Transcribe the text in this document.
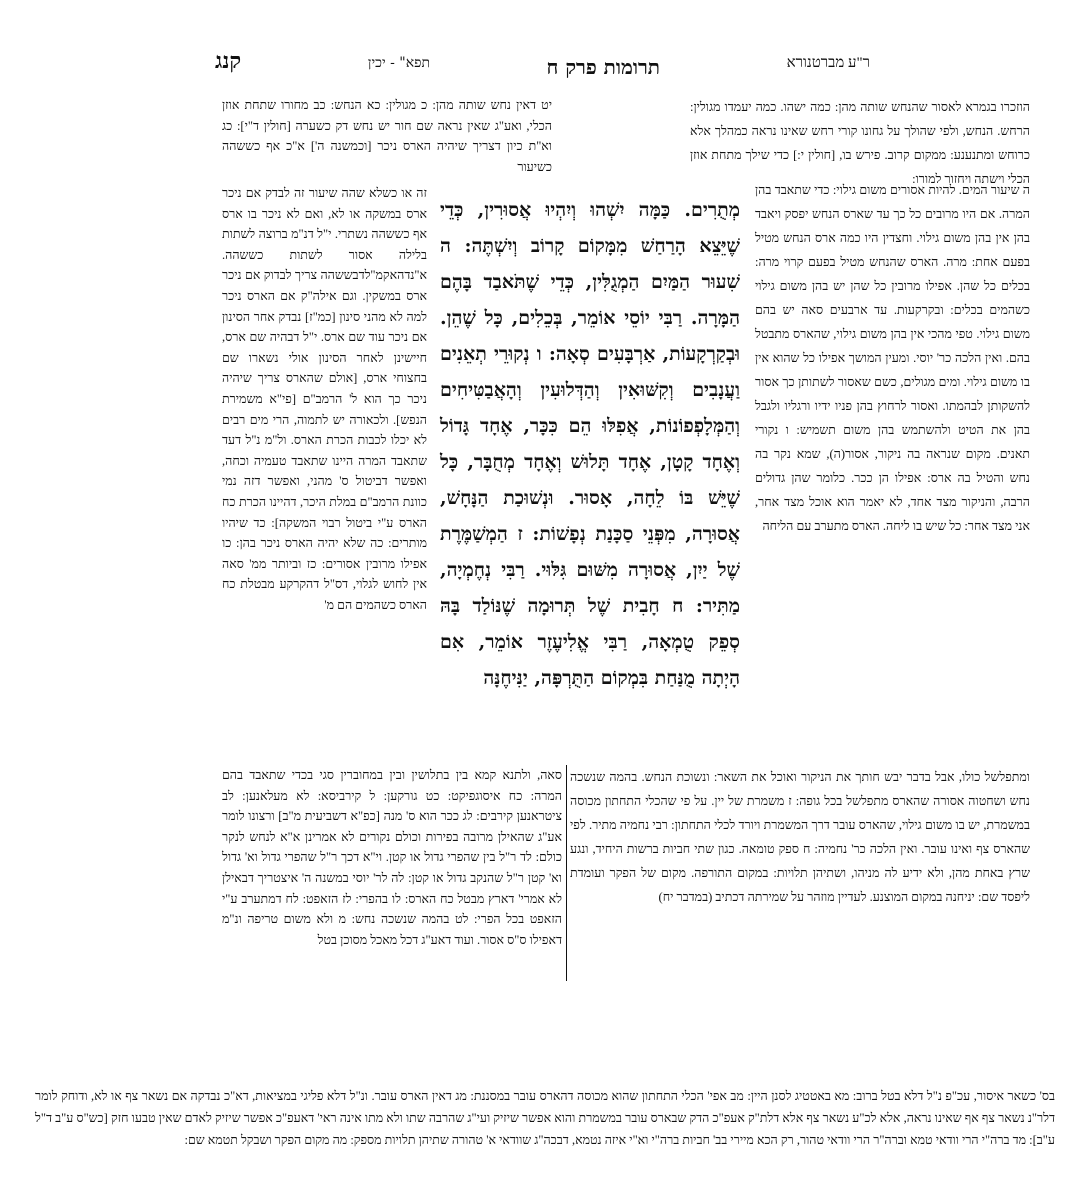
ר"ע מברטנורא
תרומות פרק ח
תפא" - יכין
קנג

הוזכרו בגמרא לאסור שהנחש שותה מהן: כמה ישהו. כמה יעמדו מגולין: הרחש. הנחש, ולפי שהולך על גחונו קורי רחש שאינו נראה כמהלך אלא כרוחש ומתנענע: ממקום קרוב. פירש בו, [חולין י:] כדי שילך מתחת אוזן הכלי וישתה ויחזור למורו:

ה שיעור המים. להיות אסורים משום גילוי: כדי שתאבד בהן המרה. אם היו מרובים כל כך עד שארס הנחש יפסק ויאבד בהן אין בהן משום גילוי. וחצדין היו כמה ארס הנחש מטיל בפעם אחת: מרה. הארס שהנחש מטיל בפעם קרוי מרה: בכלים כל שהן. אפילו מרובין כל שהן יש בהן משום גילוי כשהמים בכלים: ובקרקעות. עד ארבעים סאה יש בהם משום גילוי. טפי מהכי אין בהן משום גילוי, שהארס מתבטל בהם. ואין הלכה כר' יוסי. ומעין המושך אפילו כל שהוא אין בו משום גילוי. ומים מגולים, כשם שאסור לשתותן כך אסור להשקותן לבהמתו. ואסור לרחוץ בהן פניו ידיו ורגליו ולגבל בהן את הטיט ולהשתמש בהן משום תשמיש: ו נקורי תאנים. מקום שנראה בה ניקור, אסור(ה), שמא נקר בה נחש והטיל בה ארס: אפילו הן ככר. כלומר שהן גדולים הרבה, והניקור מצד אחד, לא יאמר הוא אוכל מצד אחר, אני מצד אחר: כל שיש בו ליחה. הארס מתערב עם הליחה

מְתֻרִים. כַּמָּה יִשְׁהוּ וְיִהְיוּ אֲסוּרִין, כְּדֵי שֶׁיֵּצֵא הָרַחַשׁ מִמָּקוֹם קָרוֹב וְיִשְׁתֶּה: ה שִׁעוּר הַמַּיִם הַמְגֻלִּין, כְּדֵי שֶׁתֹּאבַד בָּהֶם הַמָּרָה. רַבִּי יוֹסֵי אוֹמֵר, בְּכֵלִים, כָּל שֶׁהֵן. וּבְקַרְקָעוֹת, אַרְבָּעִים סְאָה: ו נְקוּרֵי תְאֵנִים וַעֲנָבִים וְקִשּׁוּאִין וְהַדְּלוּעִין וְהָאֲבַטִּיחִים וְהַמְּלָפְפוֹנוֹת, אֲפִלּוּ הֵם כִּכָּר, אֶחָד גָּדוֹל וְאֶחָד קָטָן, אֶחָד תָּלוּשׁ וְאֶחָד מְחֻבָּר, כָּל שֶׁיֵּשׁ בּוֹ לֵחָה, אָסוּר. וּנְשׁוּכַת הַנָּחָשׁ, אֲסוּרָה, מִפְּנֵי סַכָּנַת נְפָשׁוֹת: ז הַמְשַׁמֶּרֶת שֶׁל יַיִן, אֲסוּרָה מִשּׁוּם גִּלּוּי. רַבִּי נְחֶמְיָה, מַתִּיר: ח חָבִית שֶׁל תְּרוּמָה שֶׁנּוֹלַד בָּהּ סְפֵק טֻמְאָה, רַבִּי אֱלִיעֶזֶר אוֹמֵר, אִם הָיְתָה מֻנַּחַת בִּמְקוֹם הַתֻּרְפָּה, יַנִּיחֶנָּה

יט דאין נחש שותה מהן: כ מגולין: כא הנחש: כב מחורו שתחת אוזן הכלי, ואע"ג שאין נראה שם חור יש נחש דק כשערה [חולין ד"י]: כג וא"ת כיון דצריך שיהיה הארס ניכר [וכמשנה ה'] א"כ אף כששהה כשיעור

זה או כשלא שהה שיעור זה לבדק אם ניכר ארס במשקה או לא, ואם לא ניכר בו ארס אף כששהה נשתרי. י"ל דנ"מ ברוצה לשתות בלילה אסור לשתות כששהה. א"נדהאקמ"לדבששהה צריך לבדוק אם ניכר ארס במשקין. וגם אילה"ק אם הארס ניכר למה לא מהני סינון [כמ"ז] נבדק אחר הסינון אם ניכר עוד שם ארס. י"ל דבהיה שם ארס, חיישינן לאחר הסינון אולי נשארו שם בחצוחי ארס, [אולם שהארס צריך שיהיה ניכר כך הוא ל' הרמב"ם [פי"א משמירת הנפש]. ולכאורה יש לתמוה, הרי מים רבים לא יכלו לכבות הכרת הארס. ול"מ נ"ל דעד שתאבד המרה היינו שתאבד טעמיה וכחה, ואפשר דביטול ס' מהני, ואפשר דזה נמי כוונת הרמב"ם במלת היכר, דהיינו הכרת כח הארס ע"י ביטול רבוי המשקה]: כד שיהיו מותרים: כה שלא יהיה הארס ניכר בהן: כו אפילו מרובין אסורים: כז וביותר ממ' סאה אין לחוש לגלוי, דס"ל דהקרקע מבטלת כח הארס כשהמים הם מ'

ומתפלשל כולו, אבל בדבר יבש חותך את הניקור ואוכל את השאר: ונשוכת הנחש. בהמה שנשכה נחש ושחטוה אסורה שהארס מתפלשל בכל גופה: ז משמרת של יין. על פי שהכלי התחתון מכוסה במשמרת, יש בו משום גילוי, שהארס עובר דרך המשמרת ויורד לכלי התחתון: רבי נחמיה מתיר. לפי שהארס צף ואינו עובר. ואין הלכה כר' נחמיה: ח ספק טומאה. כגון שתי חביות ברשות היחיד, ונגע שרץ באחת מהן, ולא ידיע לה מניהו, ושתיהן תלויות: במקום התורפה. מקום של הפקר ועומדת ליפסד שם: יניחנה במקום המוצנע. לעדיין מוזהר על שמירתה דכתיב (במדבר יח)

סאה, ולתנא קמא בין בתלושין ובין במחוברין סגי בכדי שתאבד בהם המרה: כח איסוגפיקט: כט גורקען: ל קירביסא: לא מעלאנען: לב ציטראנען קירבים: לג ככר הוא ס' מנה [כפ"א דשביעית מ"ב] ורצונו לומר אע"ג שהאילן מרובה בפירות וכולם נקורים לא אמרינן א"א לנחש לנקר כולם: לד ר"ל בין שהפרי גדול או קטן. וי"א דכך ר"ל שהפרי גדול וא' גדול וא' קטן ר"ל שהנקב גדול או קטן: לה לר' יוסי במשנה ה' איצטריך דבאילן לא אמרי' דארץ מבטל כח הארס: לו בהפרי: לז הזאפט: לח דמתערב ע"י הזאפט בכל הפרי: לט בהמה שנשכה נחש: מ ולא משום טריפה ונ"מ דאפילו ס"ס אסור. ועוד דאע"ג דכל מאכל מסוכן בטל

בס' כשאר איסור, עכ"פ נ"ל דלא בטל ברוב: מא באטטיג לסנן היין: מב אפי' הכלי התחתון שהוא מכוסה דהארס עובר במסננת: מג דאין הארס עובר. ונ"ל דלא פליגי במציאות, דא"כ נבדקה אם נשאר צף או לא, ודוחק לומר דלר"נ נשאר צף אף שאינו נראה, אלא לכ"ע נשאר צף אלא דלת"ק אעפ"כ הדק שבארס עובר במשמרת והוא אפשר שיזיק ועי"ג שהרבה שתו ולא מתו אינה ראי' דאעפ"כ אפשר שיזיק לאדם שאין טבעו חזק [כש"ס ע"ב ד"ל ע"ב]: מד ברה"י הרי וודאי טמא וברה"ר הרי וודאי טהור, רק הכא מיירי בב' חביות ברה"י וא"י איזה נטמא, דבכה"ג שוודאי א' טהורה שתיהן תלויות מספק: מה מקום הפקר ושבקל תטמא שם:
